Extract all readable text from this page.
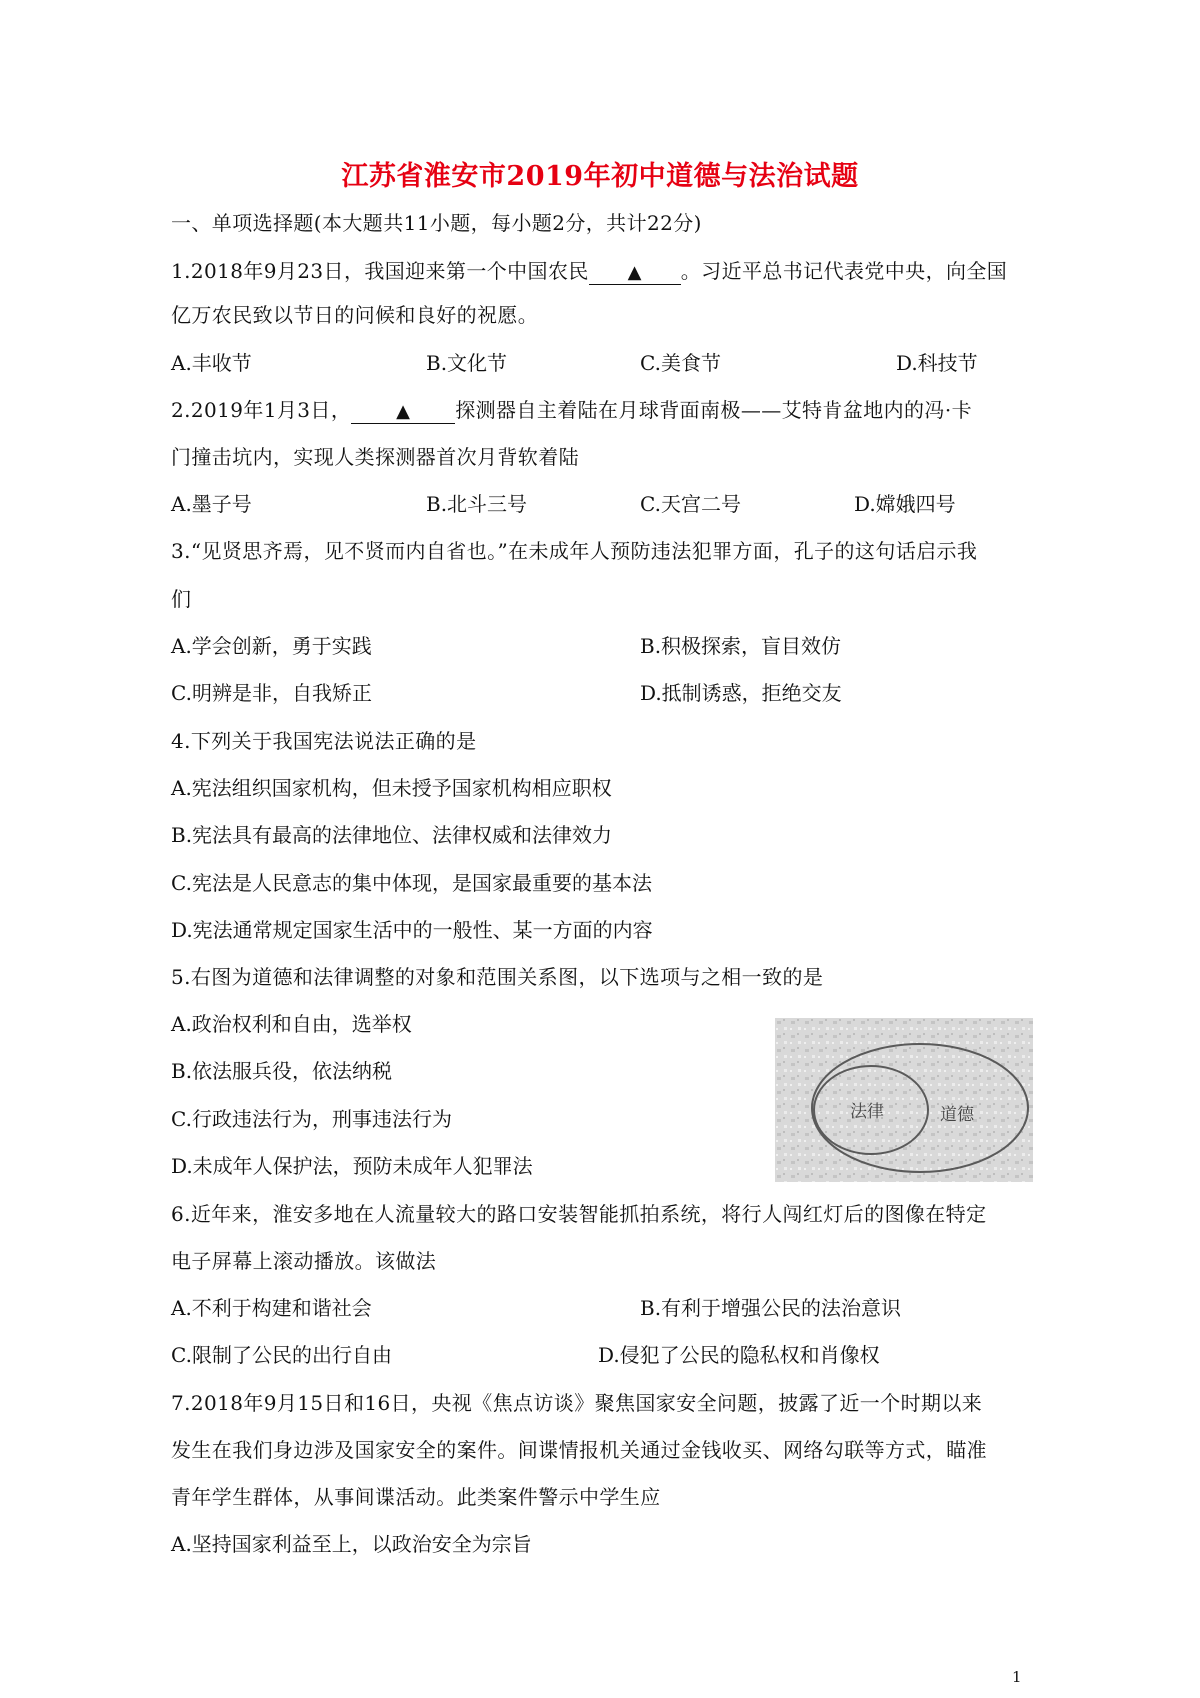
江苏省淮安市2019年初中道德与法治试题
一、单项选择题(本大题共11小题，每小题2分，共计22分)
1.2018年9月23日，我国迎来第一个中国农民 ▲ 。习近平总书记代表党中央，向全国
亿万农民致以节日的问候和良好的祝愿。
A.丰收节	B.文化节	C.美食节	D.科技节
2.2019年1月3日， ▲ 探测器自主着陆在月球背面南极——艾特肯盆地内的冯·卡
门撞击坑内，实现人类探测器首次月背软着陆
A.墨子号	B.北斗三号	C.天宫二号	D.嫦娥四号
3.“见贤思齐焉，见不贤而内自省也。”在未成年人预防违法犯罪方面，孔子的这句话启示我
们
A.学会创新，勇于实践	B.积极探索，盲目效仿
C.明辨是非，自我矫正	D.抵制诱惑，拒绝交友
4.下列关于我国宪法说法正确的是
A.宪法组织国家机构，但未授予国家机构相应职权
B.宪法具有最高的法律地位、法律权威和法律效力
C.宪法是人民意志的集中体现，是国家最重要的基本法
D.宪法通常规定国家生活中的一般性、某一方面的内容
5.右图为道德和法律调整的对象和范围关系图，以下选项与之相一致的是
A.政治权利和自由，选举权
B.依法服兵役，依法纳税
C.行政违法行为，刑事违法行为
D.未成年人保护法，预防未成年人犯罪法
法律	道德
6.近年来，淮安多地在人流量较大的路口安装智能抓拍系统，将行人闯红灯后的图像在特定
电子屏幕上滚动播放。该做法
A.不利于构建和谐社会	B.有利于增强公民的法治意识
C.限制了公民的出行自由	D.侵犯了公民的隐私权和肖像权
7.2018年9月15日和16日，央视《焦点访谈》聚焦国家安全问题，披露了近一个时期以来
发生在我们身边涉及国家安全的案件。间谍情报机关通过金钱收买、网络勾联等方式，瞄准
青年学生群体，从事间谍活动。此类案件警示中学生应
A.坚持国家利益至上，以政治安全为宗旨
1
